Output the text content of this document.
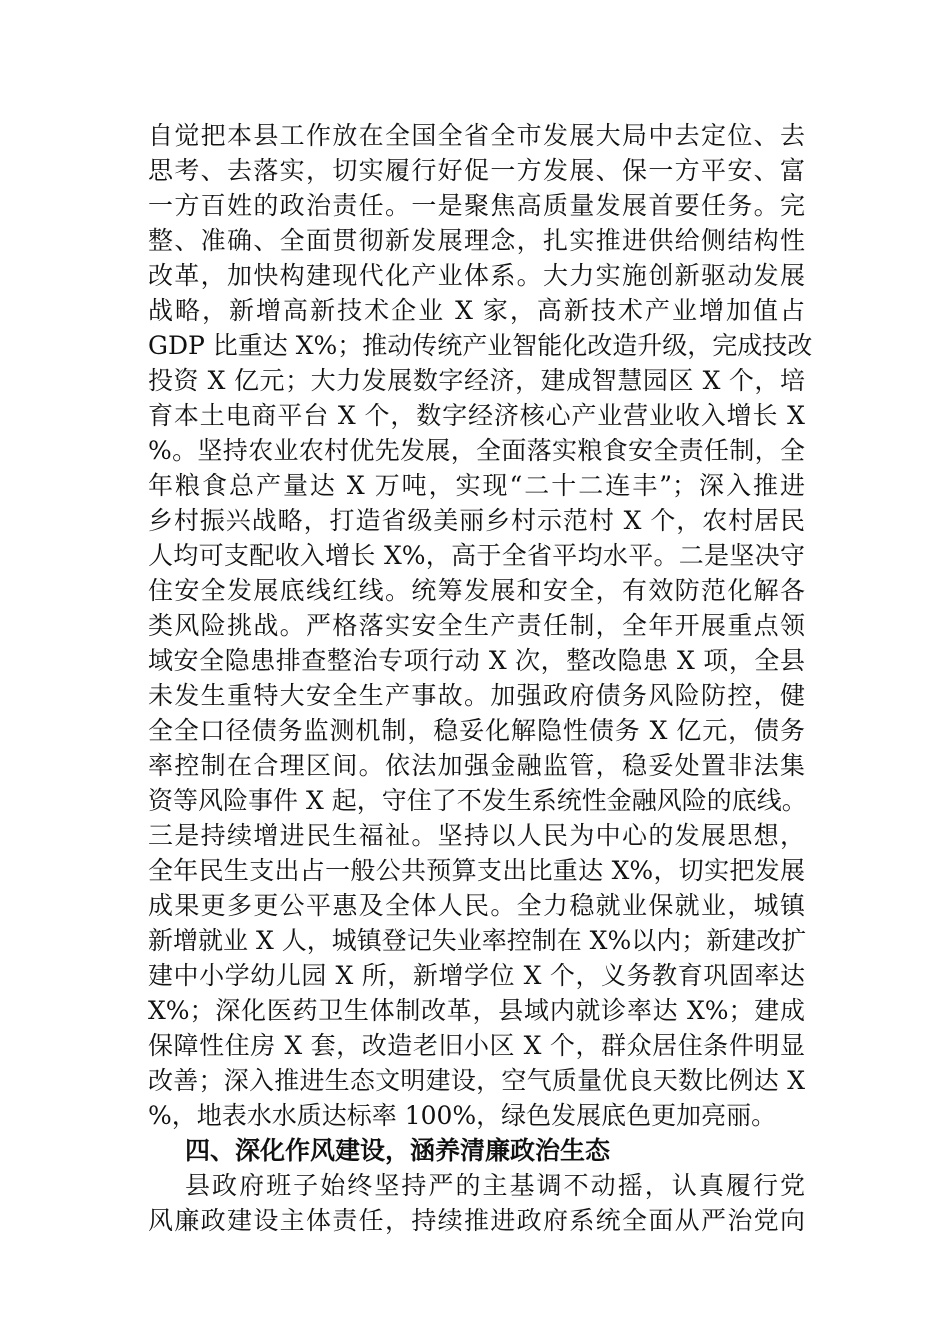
自觉把本县工作放在全国全省全市发展大局中去定位、去
思考、去落实，切实履行好促一方发展、保一方平安、富
一方百姓的政治责任。一是聚焦高质量发展首要任务。完
整、准确、全面贯彻新发展理念，扎实推进供给侧结构性
改革，加快构建现代化产业体系。大力实施创新驱动发展
战略，新增高新技术企业 X 家，高新技术产业增加值占
GDP 比重达 X%；推动传统产业智能化改造升级，完成技改
投资 X 亿元；大力发展数字经济，建成智慧园区 X 个，培
育本土电商平台 X 个，数字经济核心产业营业收入增长 X
%。坚持农业农村优先发展，全面落实粮食安全责任制，全
年粮食总产量达 X 万吨，实现“二十二连丰”；深入推进
乡村振兴战略，打造省级美丽乡村示范村 X 个，农村居民
人均可支配收入增长 X%，高于全省平均水平。二是坚决守
住安全发展底线红线。统筹发展和安全，有效防范化解各
类风险挑战。严格落实安全生产责任制，全年开展重点领
域安全隐患排查整治专项行动 X 次，整改隐患 X 项，全县
未发生重特大安全生产事故。加强政府债务风险防控，健
全全口径债务监测机制，稳妥化解隐性债务 X 亿元，债务
率控制在合理区间。依法加强金融监管，稳妥处置非法集
资等风险事件 X 起，守住了不发生系统性金融风险的底线。
三是持续增进民生福祉。坚持以人民为中心的发展思想，
全年民生支出占一般公共预算支出比重达 X%，切实把发展
成果更多更公平惠及全体人民。全力稳就业保就业，城镇
新增就业 X 人，城镇登记失业率控制在 X%以内；新建改扩
建中小学幼儿园 X 所，新增学位 X 个，义务教育巩固率达
X%；深化医药卫生体制改革，县域内就诊率达 X%；建成
保障性住房 X 套，改造老旧小区 X 个，群众居住条件明显
改善；深入推进生态文明建设，空气质量优良天数比例达 X
%，地表水水质达标率 100%，绿色发展底色更加亮丽。
四、深化作风建设，涵养清廉政治生态
县政府班子始终坚持严的主基调不动摇，认真履行党
风廉政建设主体责任，持续推进政府系统全面从严治党向
